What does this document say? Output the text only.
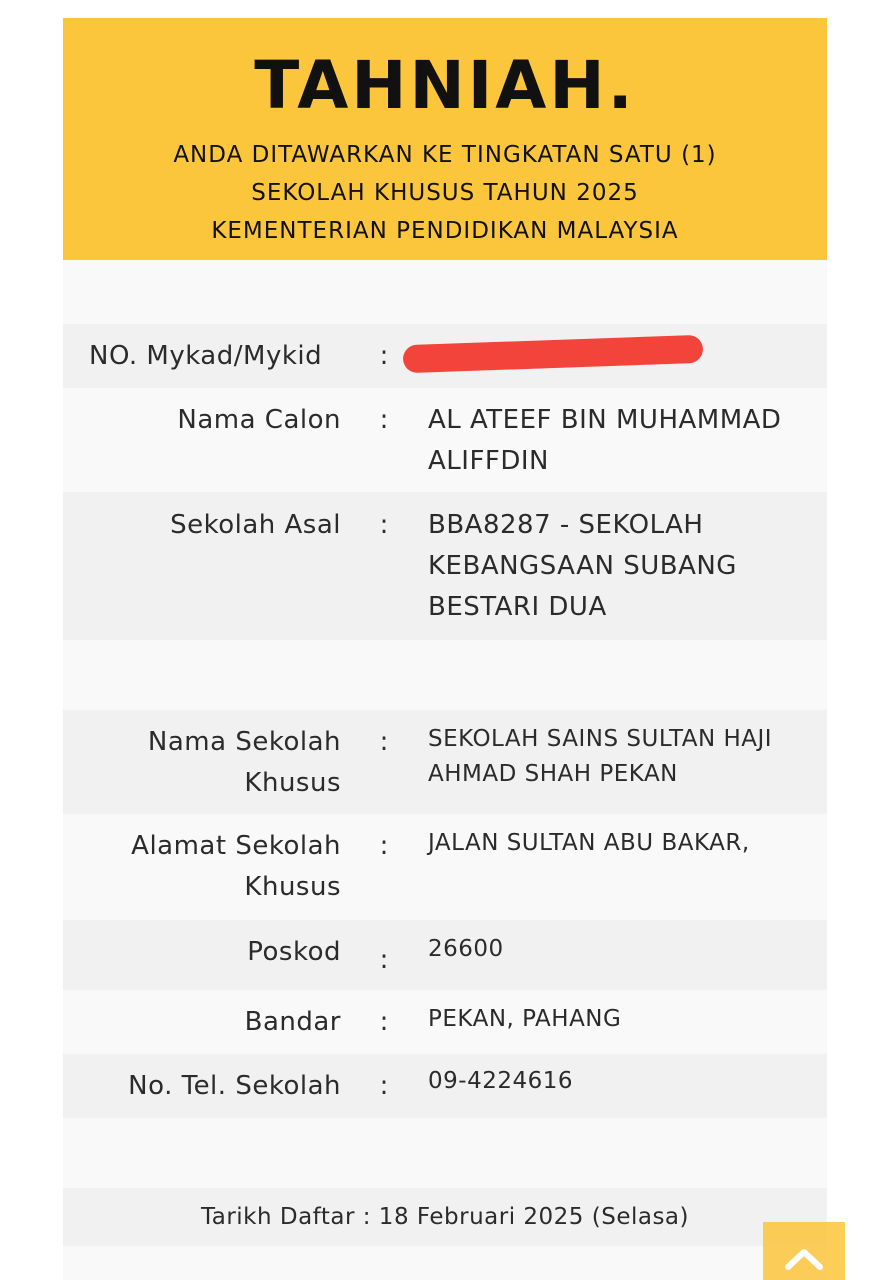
TAHNIAH.
ANDA DITAWARKAN KE TINGKATAN SATU (1)
SEKOLAH KHUSUS TAHUN 2025
KEMENTERIAN PENDIDIKAN MALAYSIA
NO. Mykad/Mykid	:
Nama Calon : AL ATEEF BIN MUHAMMAD ALIFFDIN
Sekolah Asal : BBA8287 - SEKOLAH KEBANGSAAN SUBANG BESTARI DUA
Nama Sekolah Khusus
: SEKOLAH SAINS SULTAN HAJI AHMAD SHAH PEKAN
Alamat Sekolah Khusus
: JALAN SULTAN ABU BAKAR,
Poskod : 26600
Bandar : PEKAN, PAHANG
No. Tel. Sekolah : 09-4224616
Tarikh Daftar : 18 Februari 2025 (Selasa)
